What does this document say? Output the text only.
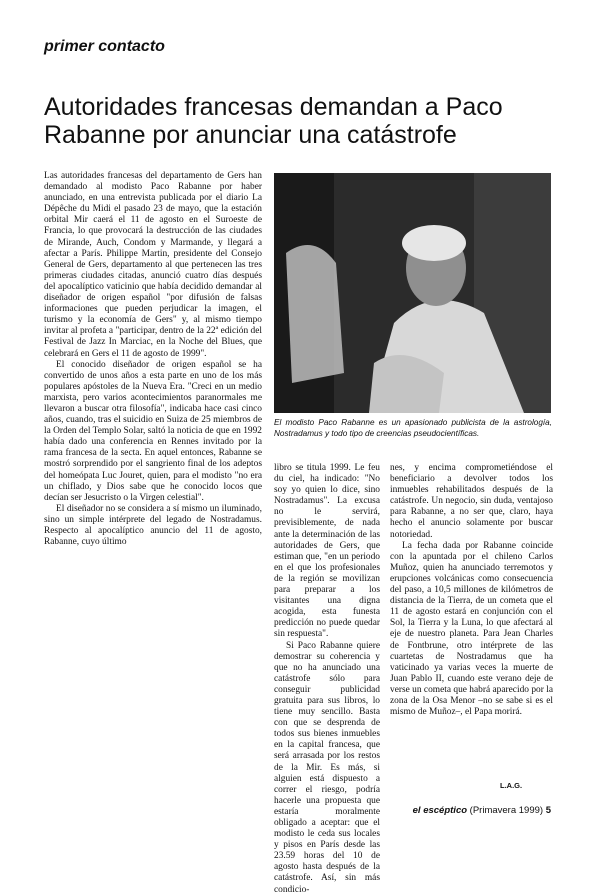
primer contacto
Autoridades francesas demandan a Paco Rabanne por anunciar una catástrofe

Las autoridades francesas del departamento de Gers han demandado al modisto Paco Rabanne por haber anunciado, en una entrevista publicada por el diario La Dépêche du Midi el pasado 23 de mayo, que la estación orbital Mir caerá el 11 de agosto en el Suroeste de Francia, lo que provocará la destrucción de las ciudades de Mirande, Auch, Condom y Marmande, y llegará a afectar a París. Philippe Martin, presidente del Consejo General de Gers, departamento al que pertenecen las tres primeras ciudades citadas, anunció cuatro días después del apocalíptico vaticinio que había decidido demandar al diseñador de origen español "por difusión de falsas informaciones que pueden perjudicar la imagen, el turismo y la economía de Gers" y, al mismo tiempo invitar al profeta a "participar, dentro de la 22ª edición del Festival de Jazz In Marciac, en la Noche del Blues, que celebrará en Gers el 11 de agosto de 1999".

El conocido diseñador de origen español se ha convertido de unos años a esta parte en uno de los más populares apóstoles de la Nueva Era. "Creci en un medio marxista, pero varios acontecimientos paranormales me llevaron a buscar otra filosofía", indicaba hace casi cinco años, cuando, tras el suicidio en Suiza de 25 miembros de la Orden del Templo Solar, saltó la noticia de que en 1992 había dado una conferencia en Rennes invitado por la rama francesa de la secta. En aquel entonces, Rabanne se mostró sorprendido por el sangriento final de los adeptos del homeópata Luc Jouret, quien, para el modisto "no era un chiflado, y Dios sabe que he conocido locos que decían ser Jesucristo o la Virgen celestial".

El diseñador no se considera a sí mismo un iluminado, sino un simple intérprete del legado de Nostradamus. Respecto al apocalíptico anuncio del 11 de agosto, Rabanne, cuyo último

El modisto Paco Rabanne es un apasionado publicista de la astrología, Nostradamus y todo tipo de creencias pseudocientíficas.

libro se titula 1999. Le feu du ciel, ha indicado: "No soy yo quien lo dice, sino Nostradamus". La excusa no le servirá, previsiblemente, de nada ante la determinación de las autoridades de Gers, que estiman que, "en un periodo en el que los profesionales de la región se movilizan para preparar a los visitantes una digna acogida, esta funesta predicción no puede quedar sin respuesta".

Si Paco Rabanne quiere demostrar su coherencia y que no ha anunciado una catástrofe sólo para conseguir publicidad gratuita para sus libros, lo tiene muy sencillo. Basta con que se desprenda de todos sus bienes inmuebles en la capital francesa, que será arrasada por los restos de la Mir. Es más, si alguien está dispuesto a correr el riesgo, podría hacerle una propuesta que estaría moralmente obligado a aceptar: que el modisto le ceda sus locales y pisos en París desde las 23.59 horas del 10 de agosto hasta después de la catástrofe. Así, sin más condicio-

nes, y encima comprometiéndose el beneficiario a devolver todos los inmuebles rehabilitados después de la catástrofe. Un negocio, sin duda, ventajoso para Rabanne, a no ser que, claro, haya hecho el anuncio solamente por buscar notoriedad.

La fecha dada por Rabanne coincide con la apuntada por el chileno Carlos Muñoz, quien ha anunciado terremotos y erupciones volcánicas como consecuencia del paso, a 10,5 millones de kilómetros de distancia de la Tierra, de un cometa que el 11 de agosto estará en conjunción con el Sol, la Tierra y la Luna, lo que afectará al eje de nuestro planeta. Para Jean Charles de Fontbrune, otro intérprete de las cuartetas de Nostradamus que ha vaticinado ya varias veces la muerte de Juan Pablo II, cuando este verano deje de verse un cometa que habrá aparecido por la zona de la Osa Menor –no se sabe si es el mismo de Muñoz–, el Papa morirá.

L.A.G.
el escéptico (Primavera 1999) 5
